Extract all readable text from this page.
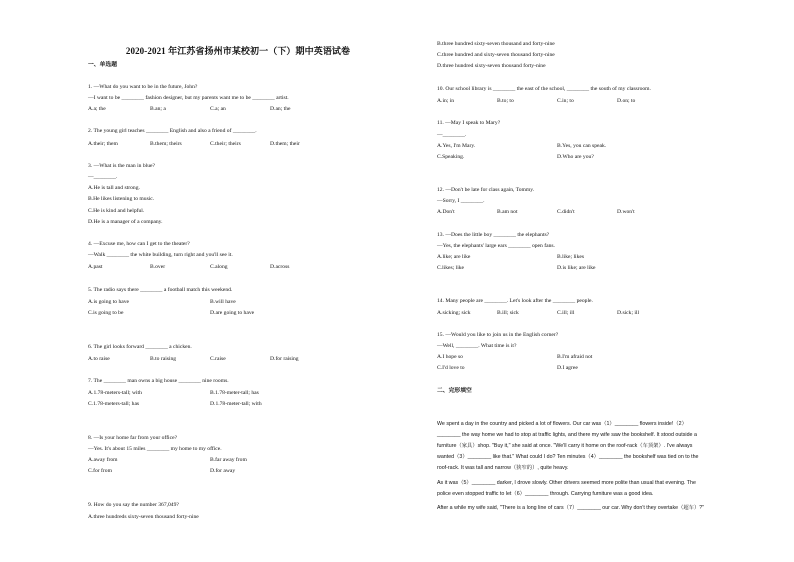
2020-2021 年江苏省扬州市某校初一（下）期中英语试卷
一、单选题
1. —What do you want to be in the future, John?
—I want to be ________ fashion designer, but my parents want me to be ________ artist.
A.a; the	B.an; a	C.a; an	D.an; the
2. The young girl teaches ________ English and also a friend of ________.
A.their; them	B.them; theirs	C.their; theirs	D.them; their
3. —What is the man in blue?
—________.
A.He is tall and strong.
B.He likes listening to music.
C.He is kind and helpful.
D.He is a manager of a company.
4. —Excuse me, how can I get to the theater?
—Walk ________ the white building, turn right and you'll see it.
A.past	B.over	C.along	D.across
5. The radio says there ________ a football match this weekend.
A.is going to have	B.will have
C.is going to be	D.are going to have
6. The girl looks forward ________ a chicken.
A.to raise	B.to raising	C.raise	D.for raising
7. The ________ man owns a big house ________ nine rooms.
A.1.78-meters-tall; with	B.1.78-meter-tall; has
C.1.78-meters-tall; has	D.1.78-meter-tall; with
8. —Is your home far from your office?
—Yes. It's about 15 miles ________ my home to my office.
A.away from	B.far away from
C.for from	D.for away
9. How do you say the number 367,049?
A.three hundreds sixty-seven thousand forty-nine
B.three hundred sixty-seven thousand and forty-nine
C.three hundred and sixty-seven thousand forty-nine
D.three hundred sixty-seven thousand forty-nine
10. Our school library is ________ the east of the school, ________ the south of my classroom.
A.in; in	B.to; to	C.in; to	D.on; to
11. —May I speak to Mary?
—________.
A.Yes, I'm Mary.	B.Yes, you can speak.
C.Speaking.	D.Who are you?
12. —Don't be late for class again, Tommy.
—Sorry, I ________.
A.Don't	B.am not	C.didn't	D.won't
13. —Does the little boy ________ the elephants?
—Yes, the elephants' large ears ________ open fans.
A.like; are like	B.like; likes
C.likes; like	D.is like; are like
14. Many people are ________. Let's look after the ________ people.
A.sicking; sick	B.ill; sick	C.ill; ill	D.sick; ill
15. —Would you like to join us in the English corner?
—Well, ________. What time is it?
A.I hope so	B.I'm afraid not
C.I'd love to	D.I agree
二、完形填空
We spent a day in the country and picked a lot of flowers. Our car was（1）________ flowers inside!（2）
________ the way home we had to stop at traffic lights, and there my wife saw the bookshelf. It stood outside a
furniture（家具）shop. "Buy it," she said at once. "We'll carry it home on the roof-rack（车顶架）. I've always
wanted（3）________ like that." What could I do? Ten minutes（4）________ the bookshelf was tied on to the
roof-rack. It was tall and narrow（狭窄的）, quite heavy.
As it was（5）________ darker, I drove slowly. Other drivers seemed more polite than usual that evening. The
police even stopped traffic to let（6）________ through. Carrying furniture was a good idea.
After a while my wife said, "There is a long line of cars（7）________ our car. Why don't they overtake（超车）?"
